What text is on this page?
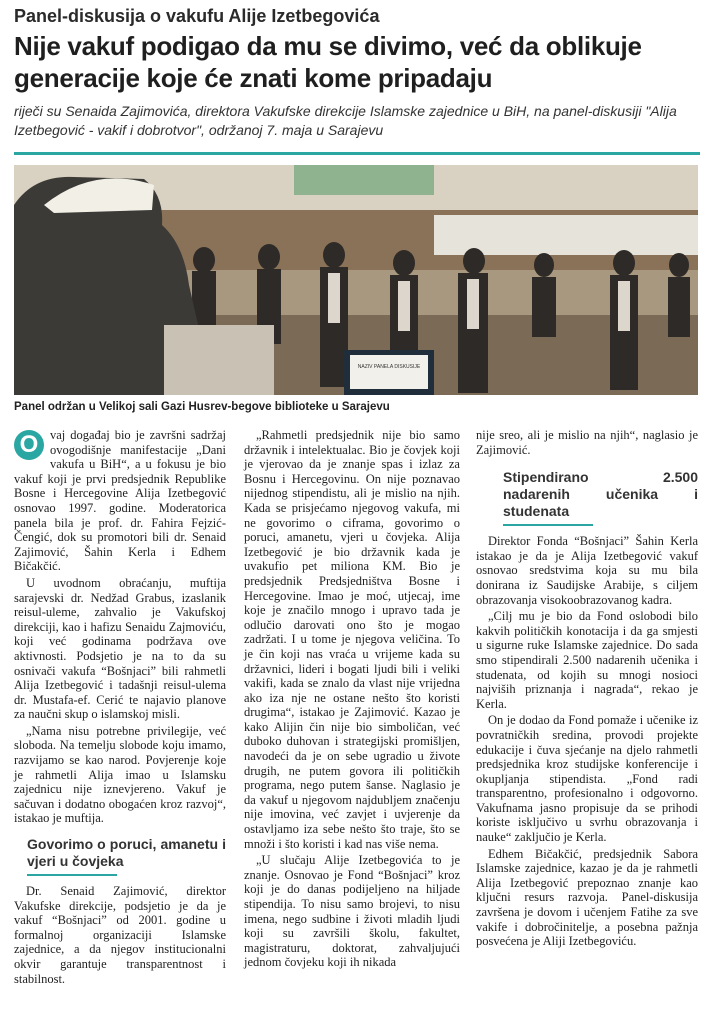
Panel-diskusija o vakufu Alije Izetbegovića
Nije vakuf podigao da mu se divimo, već da oblikuje generacije koje će znati kome pripadaju
riječi su Senaida Zajimovića, direktora Vakufske direkcije Islamske zajednice u BiH, na panel-diskusiji "Alija Izetbegović - vakif i dobrotvor", održanoj 7. maja u Sarajevu
NAZIV PANELA DISKUSIJE
Panel održan u Velikoj sali Gazi Husrev-begove biblioteke u Sarajevu

O vaj događaj bio je završni sadržaj ovogodišnje manifestacije „Dani vakufa u BiH“, a u fokusu je bio vakuf koji je prvi predsjednik Republike Bosne i Hercegovine Alija Izetbegović osnovao 1997. godine. Moderatorica panela bila je prof. dr. Fahira Fejzić-Čengić, dok su promotori bili dr. Senaid Zajimović, Šahin Kerla i Edhem Bičakčić.

U uvodnom obraćanju, muftija sarajevski dr. Nedžad Grabus, izaslanik reisul-uleme, zahvalio je Vakufskoj direkciji, kao i hafizu Senaidu Zajmoviću, koji već godinama podržava ove aktivnosti. Podsjetio je na to da su osnivači vakufa “Bošnjaci” bili rahmetli Alija Izetbegović i tadašnji reisul-ulema dr. Mustafa-ef. Cerić te najavio planove za naučni skup o islamskoj misli.

„Nama nisu potrebne privilegije, već sloboda. Na temelju slobode koju imamo, razvijamo se kao narod. Povjerenje koje je rahmetli Alija imao u Islamsku zajednicu nije iznevjereno. Vakuf je sačuvan i dodatno obogaćen kroz razvoj“, istakao je muftija.

Govorimo o poruci, amanetu i vjeri u čovjeka

Dr. Senaid Zajimović, direktor Vakufske direkcije, podsjetio je da je vakuf “Bošnjaci” od 2001. godine u formalnoj organizaciji Islamske zajednice, a da njegov institucionalni okvir garantuje transparentnost i stabilnost.

„Rahmetli predsjednik nije bio samo državnik i intelektualac. Bio je čovjek koji je vjerovao da je znanje spas i izlaz za Bosnu i Hercegovinu. On nije poznavao nijednog stipendistu, ali je mislio na njih. Kada se prisjećamo njegovog vakufa, mi ne govorimo o ciframa, govorimo o poruci, amanetu, vjeri u čovjeka. Alija Izetbegović je bio državnik kada je uvakufio pet miliona KM. Bio je predsjednik Predsjedništva Bosne i Hercegovine. Imao je moć, utjecaj, ime koje je značilo mnogo i upravo tada je odlučio darovati ono što je mogao zadržati. I u tome je njegova veličina. To je čin koji nas vraća u vrijeme kada su državnici, lideri i bogati ljudi bili i veliki vakifi, kada se znalo da vlast nije vrijedna ako iza nje ne ostane nešto što koristi drugima“, istakao je Zajimović. Kazao je kako Alijin čin nije bio simboličan, već duboko duhovan i strategijski promišljen, navodeći da je on sebe ugradio u živote drugih, ne putem govora ili političkih programa, nego putem šanse. Naglasio je da vakuf u njegovom najdubljem značenju nije imovina, već zavjet i uvjerenje da ostavljamo iza sebe nešto što traje, što se množi i što koristi i kad nas više nema.

„U slučaju Alije Izetbegovića to je znanje. Osnovao je Fond “Bošnjaci” kroz koji je do danas podijeljeno na hiljade stipendija. To nisu samo brojevi, to nisu imena, nego sudbine i životi mladih ljudi koji su završili školu, fakultet, magistraturu, doktorat, zahvaljujući jednom čovjeku koji ih nikada

nije sreo, ali je mislio na njih“, naglasio je Zajimović.

Stipendirano 2.500 nadarenih učenika i studenata

Direktor Fonda “Bošnjaci” Šahin Kerla istakao je da je Alija Izetbegović vakuf osnovao sredstvima koja su mu bila donirana iz Saudijske Arabije, s ciljem obrazovanja visokoobrazovanog kadra.

„Cilj mu je bio da Fond oslobodi bilo kakvih političkih konotacija i da ga smjesti u sigurne ruke Islamske zajednice. Do sada smo stipendirali 2.500 nadarenih učenika i studenata, od kojih su mnogi nosioci najviših priznanja i nagrada“, rekao je Kerla.

On je dodao da Fond pomaže i učenike iz povratničkih sredina, provodi projekte edukacije i čuva sjećanje na djelo rahmetli predsjednika kroz studijske konferencije i okupljanja stipendista. „Fond radi transparentno, profesionalno i odgovorno. Vakufnama jasno propisuje da se prihodi koriste isključivo u svrhu obrazovanja i nauke“ zaključio je Kerla.

Edhem Bičakčić, predsjednik Sabora Islamske zajednice, kazao je da je rahmetli Alija Izetbegović prepoznao znanje kao ključni resurs razvoja. Panel-diskusija završena je dovom i učenjem Fatihe za sve vakife i dobročinitelje, a posebna pažnja posvećena je Aliji Izetbegoviću.
